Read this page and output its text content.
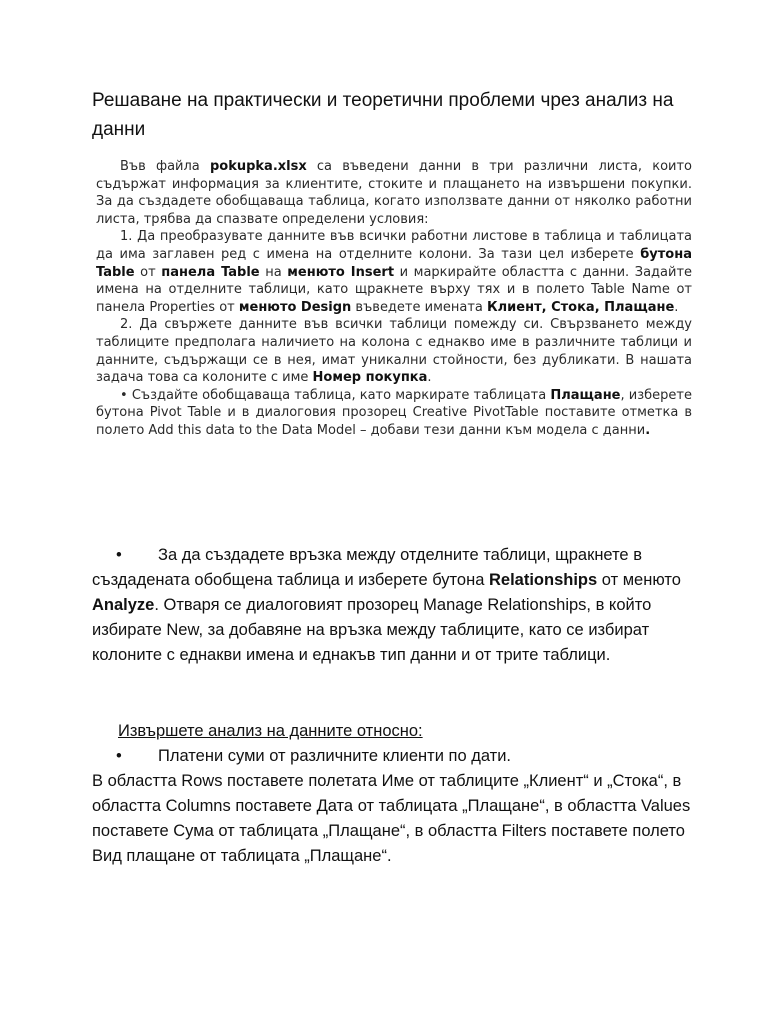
Решаване на практически и теоретични проблеми чрез анализ на данни

Във файла pokupka.xlsx са въведени данни в три различни листа, които съдържат информация за клиентите, стоките и плащането на извършени покупки. За да създадете обобщаваща таблица, когато използвате данни от няколко работни листа, трябва да спазвате определени условия:

1. Да преобразувате данните във всички работни листове в таблица и таблицата да има заглавен ред с имена на отделните колони. За тази цел изберете бутона Table от панела Table на менюто Insert и маркирайте областта с данни. Задайте имена на отделните таблици, като щракнете върху тях и в полето Table Name от панела Properties от менюто Design въведете имената Клиент, Стока, Плащане.

2. Да свържете данните във всички таблици помежду си. Свързването между таблиците предполага наличието на колона с еднакво име в различните таблици и данните, съдържащи се в нея, имат уникални стойности, без дубликати. В нашата задача това са колоните с име Номер покупка.

• Създайте обобщаваща таблица, като маркирате таблицата Плащане, изберете бутона Pivot Table и в диалоговия прозорец Creative PivotTable поставите отметка в полето Add this data to the Data Model – добави тези данни към модела с данни.

• За да създадете връзка между отделните таблици, щракнете в създадената обобщена таблица и изберете бутона Relationships от менюто Analyze. Отваря се диалоговият прозорец Manage Relationships, в който избирате New, за добавяне на връзка между таблиците, като се избират колоните с еднакви имена и еднакъв тип данни и от трите таблици.
Извършете анализ на данните относно:
• Платени суми от различните клиенти по дати.
В областта Rows поставете полетата Име от таблиците „Клиент“ и „Стока“, в областта Columns поставете Дата от таблицата „Плащане“, в областта Values поставете Сума от таблицата „Плащане“, в областта Filters поставете полето Вид плащане от таблицата „Плащане“.
